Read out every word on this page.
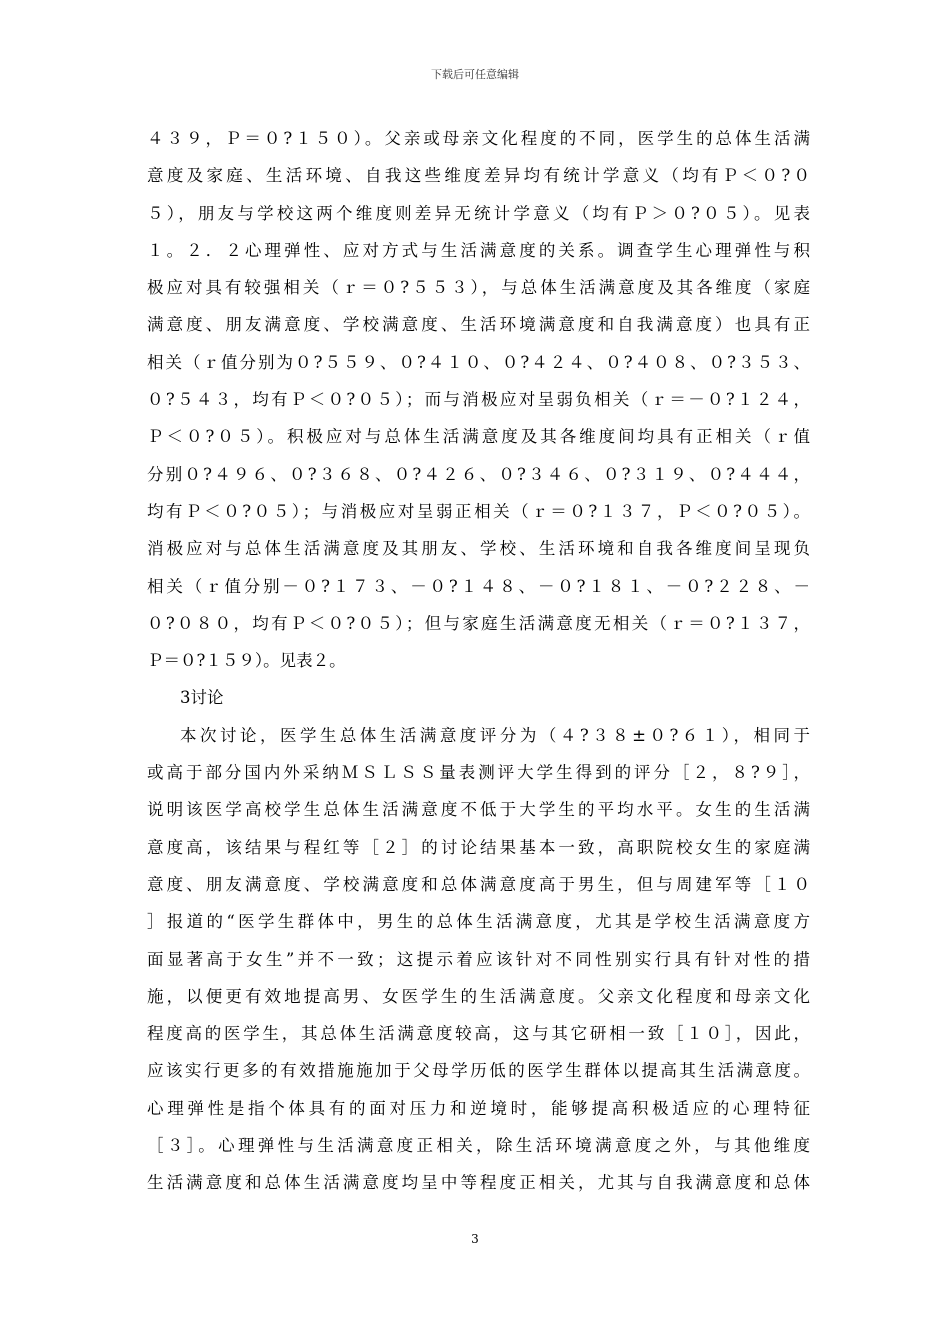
下载后可任意编辑
４３９，Ｐ＝０?１５０）。父亲或母亲文化程度的不同，医学生的总体生活满
意度及家庭、生活环境、自我这些维度差异均有统计学意义（均有Ｐ＜０?０
５），朋友与学校这两个维度则差异无统计学意义（均有Ｐ＞０?０５）。见表
１。２．２心理弹性、应对方式与生活满意度的关系。调查学生心理弹性与积
极应对具有较强相关（ｒ＝０?５５３），与总体生活满意度及其各维度（家庭
满意度、朋友满意度、学校满意度、生活环境满意度和自我满意度）也具有正
相关（ｒ值分别为０?５５９、０?４１０、０?４２４、０?４０８、０?３５３、
０?５４３，均有Ｐ＜０?０５）；而与消极应对呈弱负相关（ｒ＝－０?１２４，
Ｐ＜０?０５）。积极应对与总体生活满意度及其各维度间均具有正相关（ｒ值
分别０?４９６、０?３６８、０?４２６、０?３４６、０?３１９、０?４４４，
均有Ｐ＜０?０５）；与消极应对呈弱正相关（ｒ＝０?１３７，Ｐ＜０?０５）。
消极应对与总体生活满意度及其朋友、学校、生活环境和自我各维度间呈现负
相关（ｒ值分别－０?１７３、－０?１４８、－０?１８１、－０?２２８、－
０?０８０，均有Ｐ＜０?０５）；但与家庭生活满意度无相关（ｒ＝０?１３７，
Ｐ＝０?１５９）。见表２。
3讨论
本次讨论，医学生总体生活满意度评分为（４?３８±０?６１），相同于
或高于部分国内外采纳ＭＳＬＳＳ量表测评大学生得到的评分［２，８?９］，
说明该医学高校学生总体生活满意度不低于大学生的平均水平。女生的生活满
意度高，该结果与程红等［２］的讨论结果基本一致，高职院校女生的家庭满
意度、朋友满意度、学校满意度和总体满意度高于男生，但与周建军等［１０
］报道的“医学生群体中，男生的总体生活满意度，尤其是学校生活满意度方
面显著高于女生”并不一致；这提示着应该针对不同性别实行具有针对性的措
施，以便更有效地提高男、女医学生的生活满意度。父亲文化程度和母亲文化
程度高的医学生，其总体生活满意度较高，这与其它研相一致［１０］，因此，
应该实行更多的有效措施施加于父母学历低的医学生群体以提高其生活满意度。
心理弹性是指个体具有的面对压力和逆境时，能够提高积极适应的心理特征
［３］。心理弹性与生活满意度正相关，除生活环境满意度之外，与其他维度
生活满意度和总体生活满意度均呈中等程度正相关，尤其与自我满意度和总体
3
